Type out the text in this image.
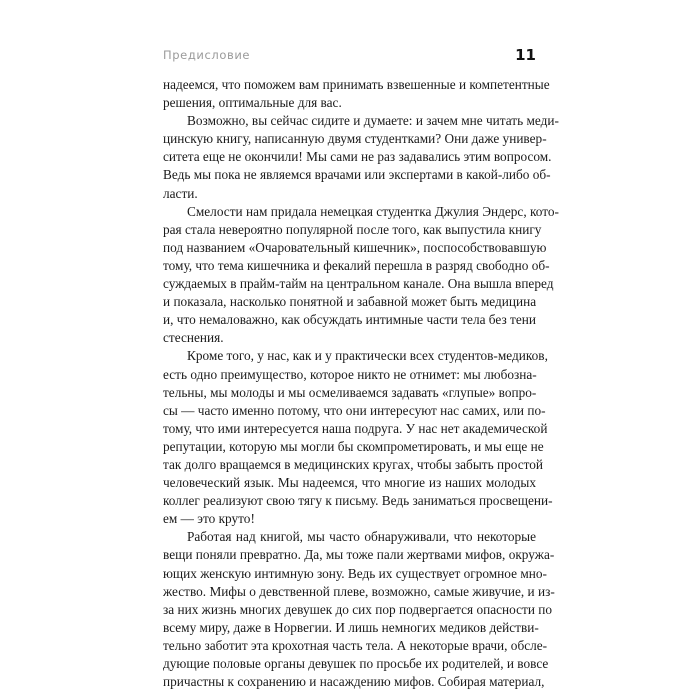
Предисловие	11
надеемся, что поможем вам принимать взвешенные и компетентные
решения, оптимальные для вас.
Возможно, вы сейчас сидите и думаете: и зачем мне читать меди-
цинскую книгу, написанную двумя студентками? Они даже универ-
ситета еще не окончили! Мы сами не раз задавались этим вопросом.
Ведь мы пока не являемся врачами или экспертами в какой-либо об-
ласти.
Смелости нам придала немецкая студентка Джулия Эндерс, кото-
рая стала невероятно популярной после того, как выпустила книгу
под названием «Очаровательный кишечник», поспособствовавшую
тому, что тема кишечника и фекалий перешла в разряд свободно об-
суждаемых в прайм-тайм на центральном канале. Она вышла вперед
и показала, насколько понятной и забавной может быть медицина
и, что немаловажно, как обсуждать интимные части тела без тени
стеснения.
Кроме того, у нас, как и у практически всех студентов-медиков,
есть одно преимущество, которое никто не отнимет: мы любозна-
тельны, мы молоды и мы осмеливаемся задавать «глупые» вопро-
сы — часто именно потому, что они интересуют нас самих, или по-
тому, что ими интересуется наша подруга. У нас нет академической
репутации, которую мы могли бы скомпрометировать, и мы еще не
так долго вращаемся в медицинских кругах, чтобы забыть простой
человеческий язык. Мы надеемся, что многие из наших молодых
коллег реализуют свою тягу к письму. Ведь заниматься просвещени-
ем — это круто!
Работая над книгой, мы часто обнаруживали, что некоторые
вещи поняли превратно. Да, мы тоже пали жертвами мифов, окружа-
ющих женскую интимную зону. Ведь их существует огромное мно-
жество. Мифы о девственной плеве, возможно, самые живучие, и из-
за них жизнь многих девушек до сих пор подвергается опасности по
всему миру, даже в Норвегии. И лишь немногих медиков действи-
тельно заботит эта крохотная часть тела. А некоторые врачи, обсле-
дующие половые органы девушек по просьбе их родителей, и вовсе
причастны к сохранению и насаждению мифов. Собирая материал,
